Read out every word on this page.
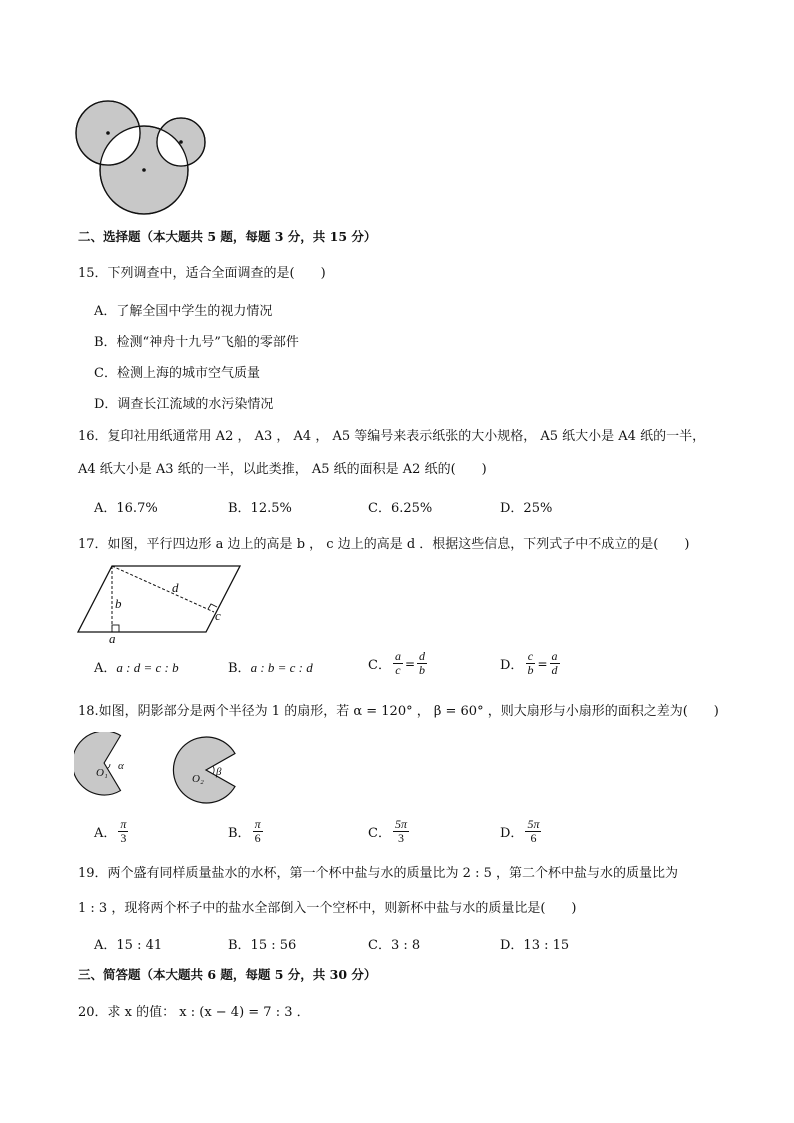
二、选择题（本大题共 5 题，每题 3 分，共 15 分）
15．下列调查中，适合全面调查的是(　　)
A．了解全国中学生的视力情况
B．检测“神舟十九号”飞船的零部件
C．检测上海的城市空气质量
D．调查长江流域的水污染情况
16．复印社用纸通常用 A2 ， A3 ， A4 ， A5 等编号来表示纸张的大小规格， A5 纸大小是 A4 纸的一半，
A4 纸大小是 A3 纸的一半，以此类推， A5 纸的面积是 A2 纸的(　　)
A．16.7%	B．12.5%	C．6.25%	D．25%
17．如图，平行四边形 a 边上的高是 b ， c 边上的高是 d ．根据这些信息，下列式子中不成立的是(　　)
d
b
c
a
A．a : d = c : b	B．a : b = c : d	C． $\frac{a}{c} = \frac{d}{b}$	D． $\frac{c}{b} = \frac{a}{d}$
18.如图，阴影部分是两个半径为 1 的扇形，若 α = 120° ， β = 60° ，则大扇形与小扇形的面积之差为(　　)
O₁
α
O₂
β
A． $\frac{\pi}{3}$	B． $\frac{\pi}{6}$	C． $\frac{5\pi}{3}$	D． $\frac{5\pi}{6}$
19．两个盛有同样质量盐水的水杯，第一个杯中盐与水的质量比为 2 : 5 ，第二个杯中盐与水的质量比为
1 : 3 ，现将两个杯子中的盐水全部倒入一个空杯中，则新杯中盐与水的质量比是(　　)
A．15 : 41	B．15 : 56	C．3 : 8	D．13 : 15
三、简答题（本大题共 6 题，每题 5 分，共 30 分）
20．求 x 的值： x : (x − 4) = 7 : 3 ．
